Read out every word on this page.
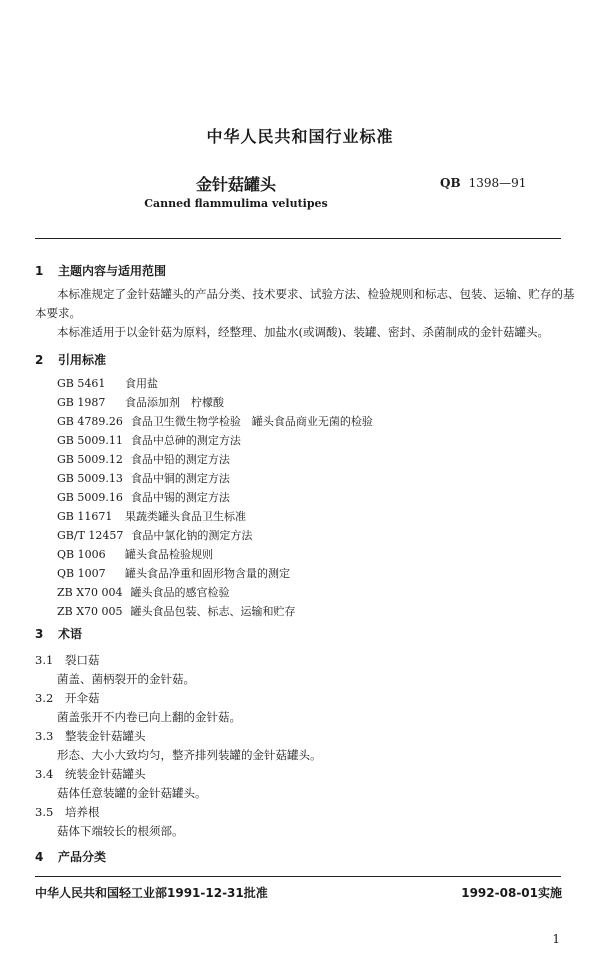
中华人民共和国行业标准
金针菇罐头
Canned flammulima velutipes
QB 1398—91
1 主题内容与适用范围
本标准规定了金针菇罐头的产品分类、技术要求、试验方法、检验规则和标志、包装、运输、贮存的基
本要求。
本标准适用于以金针菇为原料，经整理、加盐水(或调酸)、装罐、密封、杀菌制成的金针菇罐头。
2 引用标准
GB 5461 食用盐
GB 1987 食品添加剂　柠檬酸
GB 4789.26 食品卫生微生物学检验　罐头食品商业无菌的检验
GB 5009.11 食品中总砷的测定方法
GB 5009.12 食品中铅的测定方法
GB 5009.13 食品中铜的测定方法
GB 5009.16 食品中锡的测定方法
GB 11671 果蔬类罐头食品卫生标准
GB/T 12457 食品中氯化钠的测定方法
QB 1006 罐头食品检验规则
QB 1007 罐头食品净重和固形物含量的测定
ZB X70 004 罐头食品的感官检验
ZB X70 005 罐头食品包装、标志、运输和贮存
3 术语
3.1 裂口菇
菌盖、菌柄裂开的金针菇。
3.2 开伞菇
菌盖张开不内卷已向上翻的金针菇。
3.3 整装金针菇罐头
形态、大小大致均匀，整齐排列装罐的金针菇罐头。
3.4 统装金针菇罐头
菇体任意装罐的金针菇罐头。
3.5 培养根
菇体下端较长的根须部。
4 产品分类
中华人民共和国轻工业部1991-12-31批准	1992-08-01实施
1
